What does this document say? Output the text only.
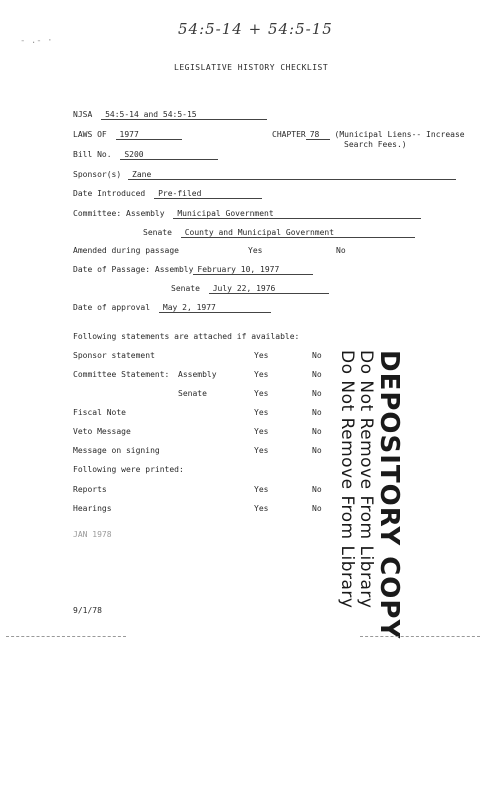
54:5-14 + 54:5-15
- .- ·
LEGISLATIVE HISTORY CHECKLIST
NJSA 54:5-14 and 54:5-15
LAWS OF 1977	CHAPTER 78 (Municipal Liens-- Increase
Search Fees.)
Bill No. S200
Sponsor(s) Zane
Date Introduced Pre-filed
Committee: Assembly Municipal Government
Senate County and Municipal Government
Amended during passage	Yes	No
Date of Passage: Assembly February 10, 1977
Senate July 22, 1976
Date of approval May 2, 1977
Following statements are attached if available:
Sponsor statement	Yes	No
Committee Statement: Assembly	Yes	No
Senate	Yes	No
Fiscal Note	Yes	No
Veto Message	Yes	No
Message on signing	Yes	No
Following were printed:
Reports	Yes	No
Hearings	Yes	No
JAN 1978	DEPOSITORY COPY
Do Not Remove From Library
Do Not Remove From Library
9/1/78
